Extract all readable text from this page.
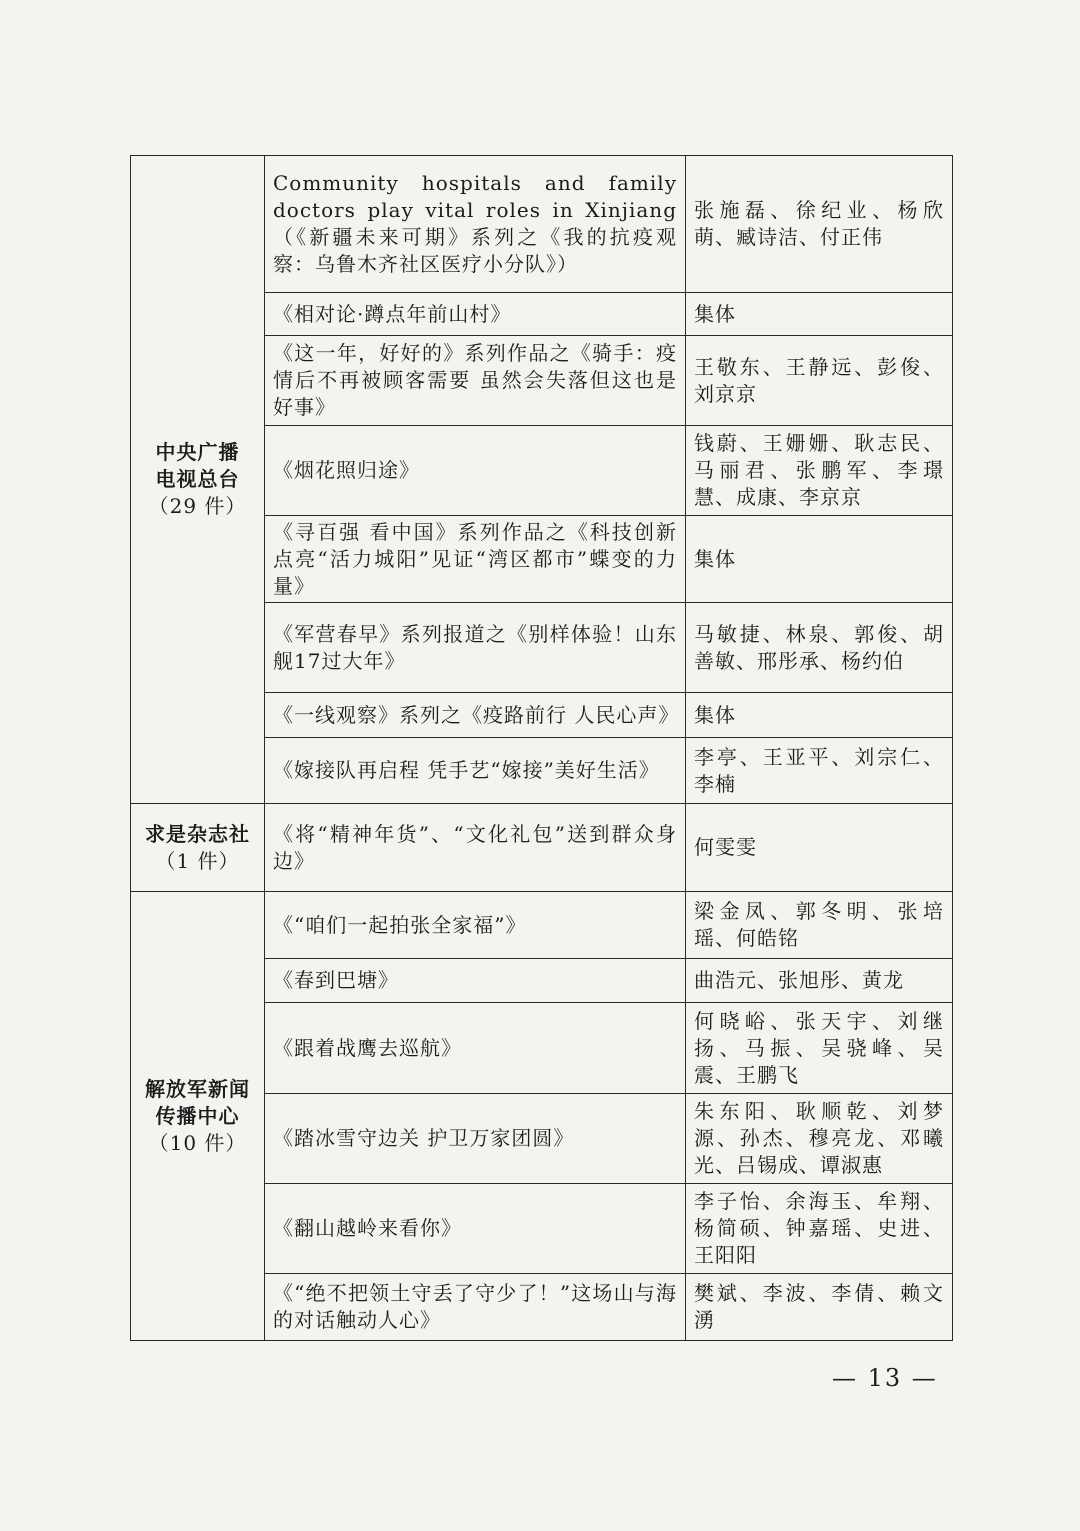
中央广播电视总台
（29 件）	Community hospitals and family doctors play vital roles in Xinjiang（《新疆未来可期》系列之《我的抗疫观察：乌鲁木齐社区医疗小分队》）	张施磊、徐纪业、杨欣萌、臧诗洁、付正伟
	《相对论·蹲点年前山村》	集体
	《这一年，好好的》系列作品之《骑手：疫情后不再被顾客需要 虽然会失落但这也是好事》	王敬东、王静远、彭俊、刘京京
	《烟花照归途》	钱蔚、王姗姗、耿志民、马丽君、张鹏军、李璟慧、成康、李京京
	《寻百强 看中国》系列作品之《科技创新点亮“活力城阳”见证“湾区都市”蝶变的力量》	集体
	《军营春早》系列报道之《别样体验！山东舰17过大年》	马敏捷、林泉、郭俊、胡善敏、邢彤承、杨约伯
	《一线观察》系列之《疫路前行 人民心声》	集体
	《嫁接队再启程 凭手艺“嫁接”美好生活》	李亭、王亚平、刘宗仁、李楠

求是杂志社
（1 件）	《将“精神年货”、“文化礼包”送到群众身边》	何雯雯

解放军新闻传播中心
（10 件）	《“咱们一起拍张全家福”》	梁金凤、郭冬明、张培瑶、何皓铭
	《春到巴塘》	曲浩元、张旭彤、黄龙
	《跟着战鹰去巡航》	何晓峪、张天宇、刘继扬、马振、吴骁峰、吴震、王鹏飞
	《踏冰雪守边关 护卫万家团圆》	朱东阳、耿顺乾、刘梦源、孙杰、穆亮龙、邓曦光、吕锡成、谭淑惠
	《翻山越岭来看你》	李子怡、余海玉、牟翔、杨简硕、钟嘉瑶、史进、王阳阳
	《“绝不把领土守丢了守少了！”这场山与海的对话触动人心》	樊斌、李波、李倩、赖文湧
— 13 —
